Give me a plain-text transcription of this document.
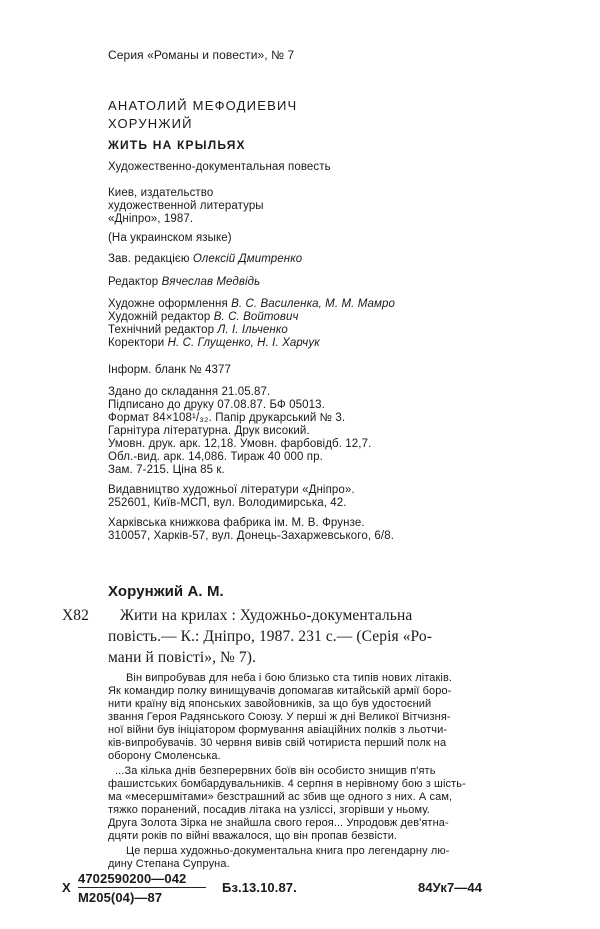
Серия «Романы и повести», № 7
АНАТОЛИЙ МЕФОДИЕВИЧ
ХОРУНЖИЙ
ЖИТЬ НА КРЫЛЬЯХ
Художественно-документальная повесть
Киев, издательство
художественной литературы
«Днiпро», 1987.
(На украинском языке)
Зав. редакцією Олексій Дмитренко
Редактор Вячеслав Медвідь
Художне оформлення В. С. Василенка, М. М. Мамро
Художній редактор В. С. Войтович
Технічний редактор Л. І. Ільченко
Коректори Н. С. Глущенко, Н. І. Харчук
Інформ. бланк № 4377
Здано до складання 21.05.87.
Підписано до друку 07.08.87. БФ 05013.
Формат 84×108¹/₃₂. Папір друкарський № 3.
Гарнітура літературна. Друк високий.
Умовн. друк. арк. 12,18. Умовн. фарбовідб. 12,7.
Обл.-вид. арк. 14,086. Тираж 40 000 пр.
Зам. 7-215. Ціна 85 к.
Видавництво художньої літератури «Дніпро».
252601, Київ-МСП, вул. Володимирська, 42.
Харківська книжкова фабрика ім. М. В. Фрунзе.
310057, Харків-57, вул. Донець-Захаржевського, 6/8.
Хорунжий А. М.
Х82 Жити на крилах : Художньо-документальна
повість.— К.: Дніпро, 1987. 231 с.— (Серія «Ро-
мани й повісті», № 7).
Він випробував для неба і бою близько ста типів нових літаків.
Як командир полку винищувачів допомагав китайській армії боро-
нити країну від японських завойовників, за що був удостоєний
звання Героя Радянського Союзу. У перші ж дні Великої Вітчизня-
ної війни був ініціатором формування авіаційних полків з льотчи-
ків-випробувачів. 30 червня вивів свій чотириста перший полк на
оборону Смоленська.
...За кілька днів безперервних боїв він особисто знищив п'ять
фашистських бомбардувальників. 4 серпня в нерівному бою з шість-
ма «месершмітами» безстрашний ас збив ще одного з них. А сам,
тяжко поранений, посадив літака на узліссі, згорівши у ньому.
Друга Золота Зірка не знайшла свого героя... Упродовж дев'ятна-
дцяти років по війні вважалося, що він пропав безвісти.
Це перша художньо-документальна книга про легендарну лю-
дину Степана Супруна.
Х
4702590200—042
М205(04)—87
Бз.13.10.87.	84Ук7—44
